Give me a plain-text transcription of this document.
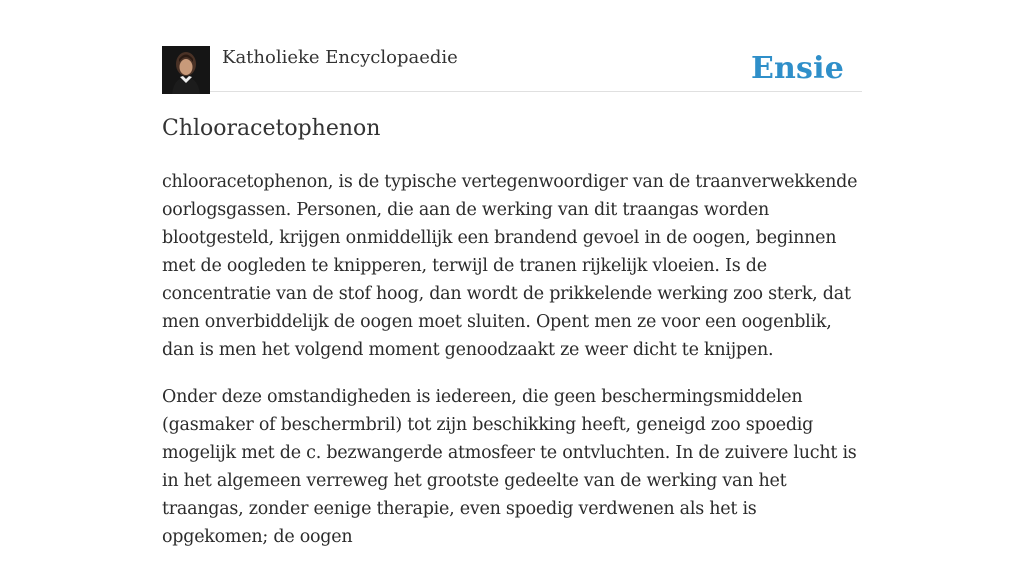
Katholieke Encyclopaedie	Ensie
Chlooracetophenon

chlooracetophenon, is de typische vertegenwoordiger van de traanverwekkende oorlogsgassen. Personen, die aan de werking van dit traangas worden blootgesteld, krijgen onmiddellijk een brandend gevoel in de oogen, beginnen met de oogleden te knipperen, terwijl de tranen rijkelijk vloeien. Is de concentratie van de stof hoog, dan wordt de prikkelende werking zoo sterk, dat men onverbiddelijk de oogen moet sluiten. Opent men ze voor een oogenblik, dan is men het volgend moment genoodzaakt ze weer dicht te knijpen.

Onder deze omstandigheden is iedereen, die geen beschermingsmiddelen (gasmaker of beschermbril) tot zijn beschikking heeft, geneigd zoo spoedig mogelijk met de c. bezwangerde atmosfeer te ontvluchten. In de zuivere lucht is in het algemeen verreweg het grootste gedeelte van de werking van het traangas, zonder eenige therapie, even spoedig verdwenen als het is opgekomen; de oogen
